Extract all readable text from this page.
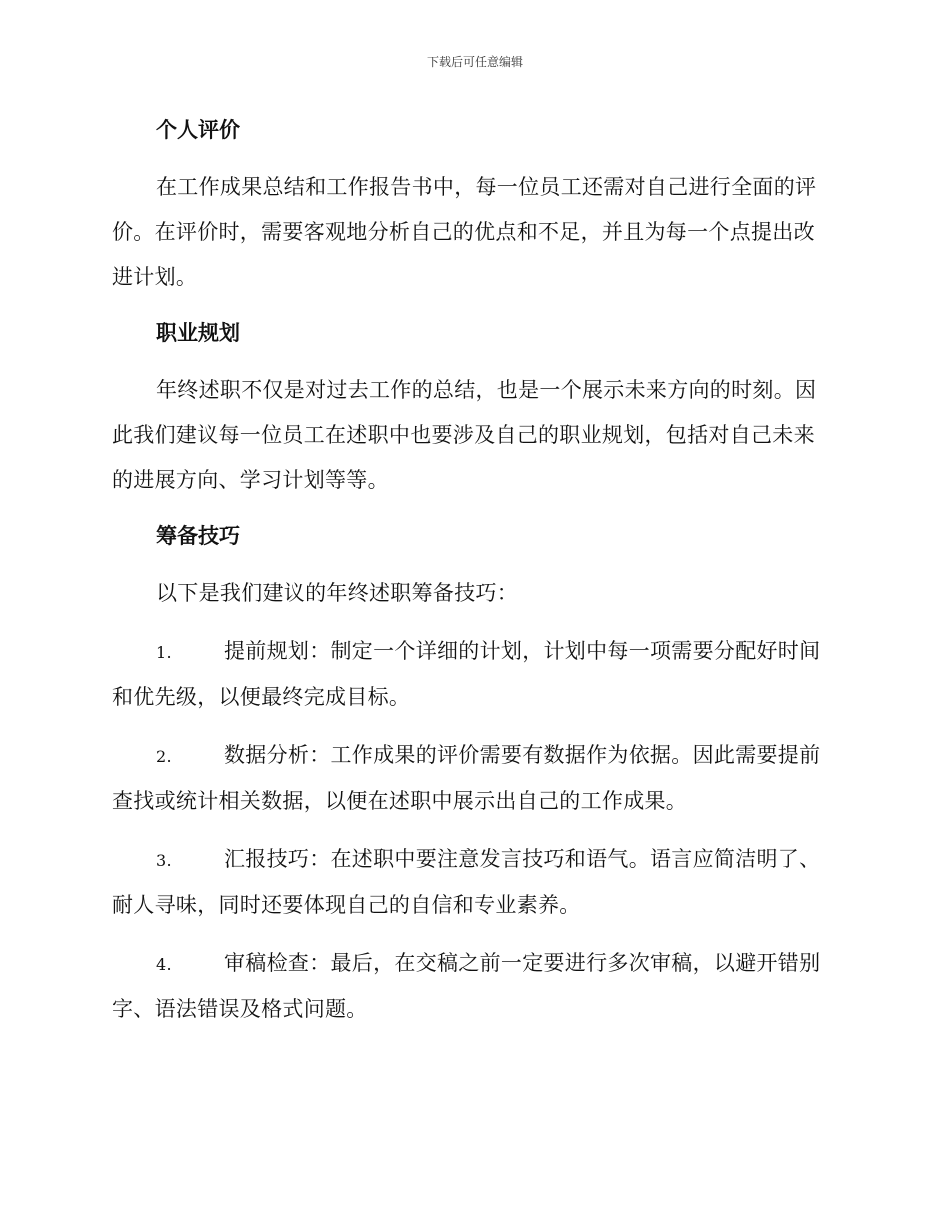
下载后可任意编辑
个人评价

在工作成果总结和工作报告书中，每一位员工还需对自己进行全面的评价。在评价时，需要客观地分析自己的优点和不足，并且为每一个点提出改进计划。

职业规划

年终述职不仅是对过去工作的总结，也是一个展示未来方向的时刻。因此我们建议每一位员工在述职中也要涉及自己的职业规划，包括对自己未来的进展方向、学习计划等等。

筹备技巧

以下是我们建议的年终述职筹备技巧：

1. 提前规划：制定一个详细的计划，计划中每一项需要分配好时间和优先级，以便最终完成目标。

2. 数据分析：工作成果的评价需要有数据作为依据。因此需要提前查找或统计相关数据，以便在述职中展示出自己的工作成果。

3. 汇报技巧：在述职中要注意发言技巧和语气。语言应简洁明了、耐人寻味，同时还要体现自己的自信和专业素养。

4. 审稿检查：最后，在交稿之前一定要进行多次审稿，以避开错别字、语法错误及格式问题。
